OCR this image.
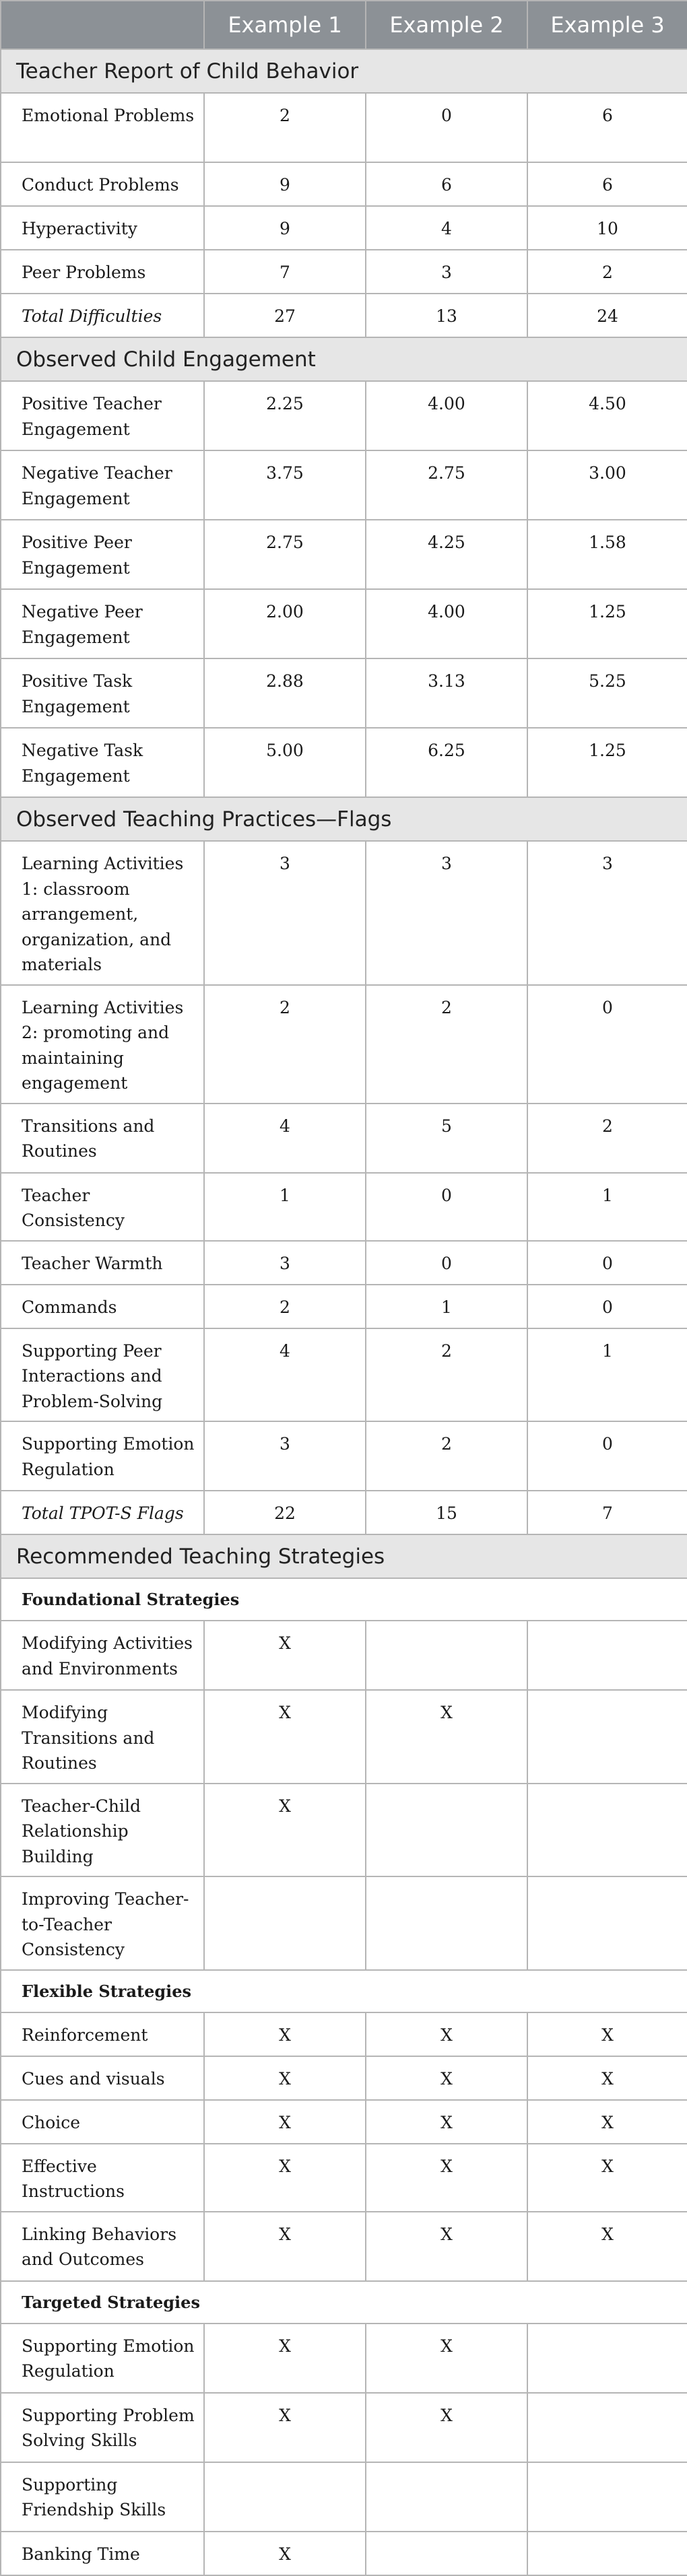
	Example 1	Example 2	Example 3
Teacher Report of Child Behavior			
Emotional Problems	2	0	6
Conduct Problems	9	6	6
Hyperactivity	9	4	10
Peer Problems	7	3	2
Total Difficulties	27	13	24
Observed Child Engagement			
Positive Teacher Engagement	2.25	4.00	4.50
Negative Teacher Engagement	3.75	2.75	3.00
Positive Peer Engagement	2.75	4.25	1.58
Negative Peer Engagement	2.00	4.00	1.25
Positive Task Engagement	2.88	3.13	5.25
Negative Task Engagement	5.00	6.25	1.25
Observed Teaching Practices—Flags			
Learning Activities 1: classroom arrangement, organization, and materials	3	3	3
Learning Activities 2: promoting and maintaining engagement	2	2	0
Transitions and Routines	4	5	2
Teacher Consistency	1	0	1
Teacher Warmth	3	0	0
Commands	2	1	0
Supporting Peer Interactions and Problem-Solving	4	2	1
Supporting Emotion Regulation	3	2	0
Total TPOT-S Flags	22	15	7
Recommended Teaching Strategies			
Foundational Strategies			
Modifying Activities and Environments	X		
Modifying Transitions and Routines	X	X	
Teacher-Child Relationship Building	X		
Improving Teacher-to-Teacher Consistency			
Flexible Strategies			
Reinforcement	X	X	X
Cues and visuals	X	X	X
Choice	X	X	X
Effective Instructions	X	X	X
Linking Behaviors and Outcomes	X	X	X
Targeted Strategies			
Supporting Emotion Regulation	X	X	
Supporting Problem Solving Skills	X	X	
Supporting Friendship Skills			
Banking Time	X		
